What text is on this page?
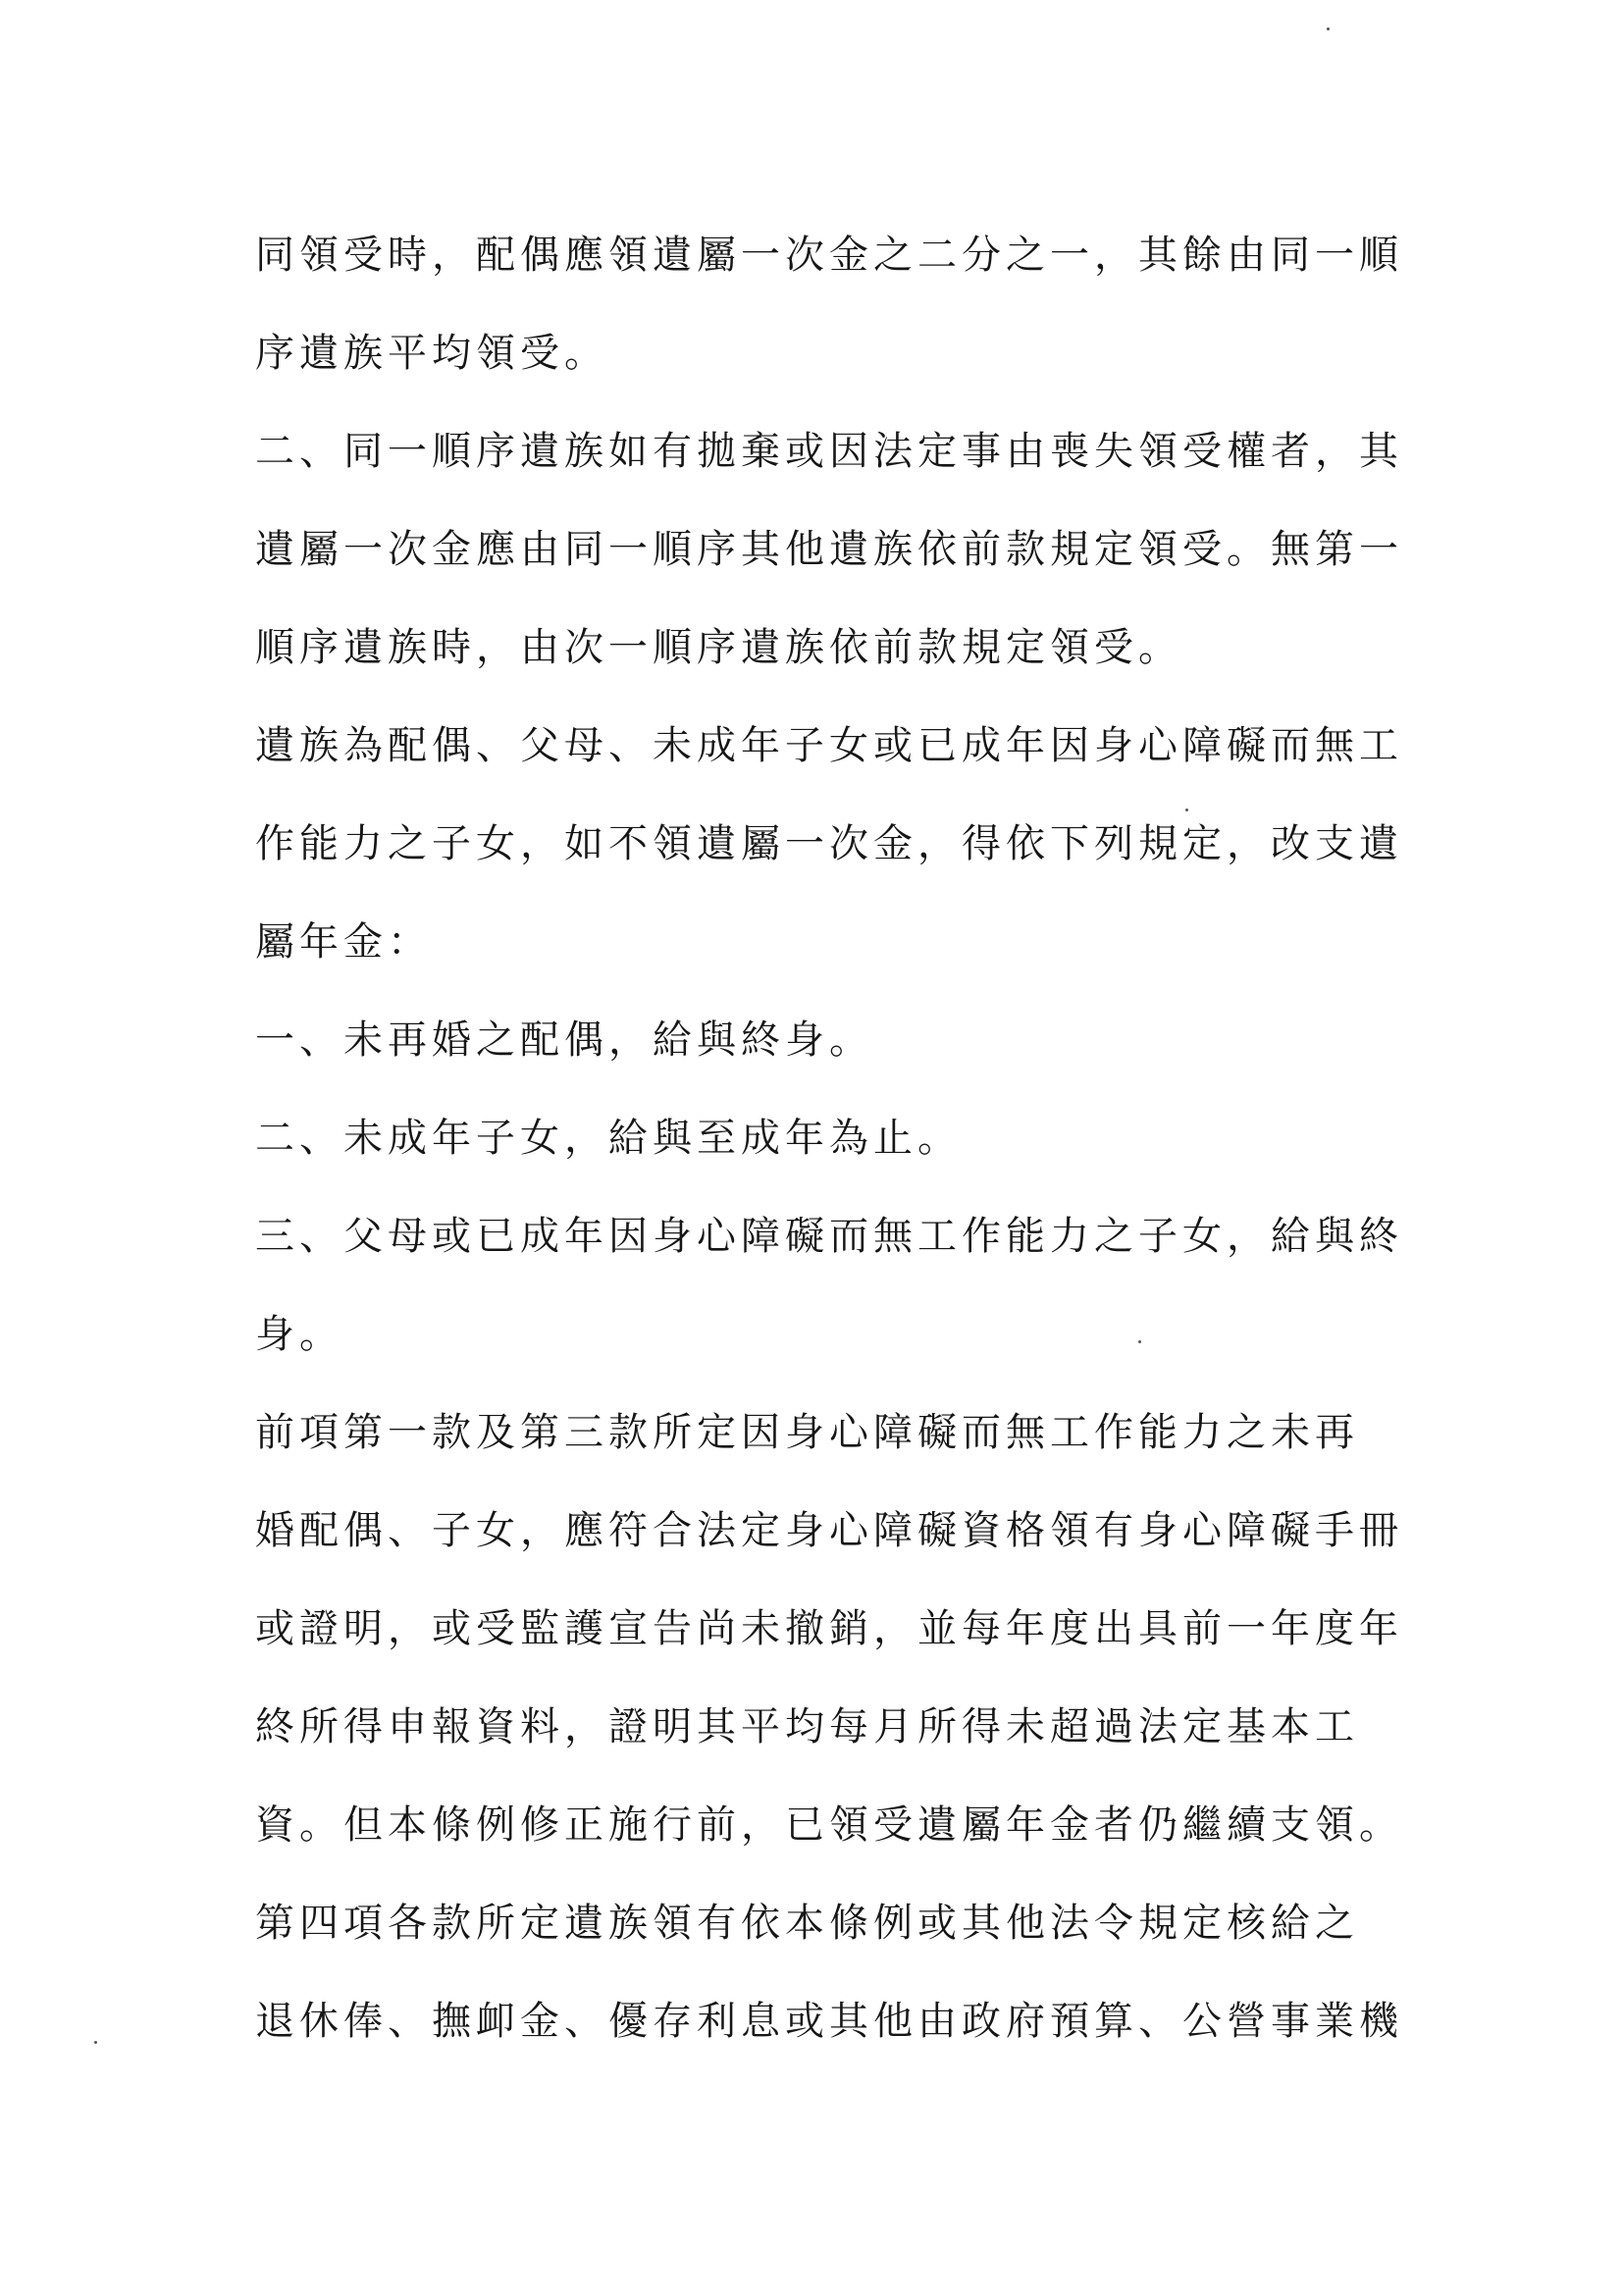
同領受時，配偶應領遺屬一次金之二分之一，其餘由同一順
序遺族平均領受。
二、同一順序遺族如有拋棄或因法定事由喪失領受權者，其
遺屬一次金應由同一順序其他遺族依前款規定領受。無第一
順序遺族時，由次一順序遺族依前款規定領受。
遺族為配偶、父母、未成年子女或已成年因身心障礙而無工
作能力之子女，如不領遺屬一次金，得依下列規定，改支遺
屬年金：
一、未再婚之配偶，給與終身。
二、未成年子女，給與至成年為止。
三、父母或已成年因身心障礙而無工作能力之子女，給與終
身。
前項第一款及第三款所定因身心障礙而無工作能力之未再
婚配偶、子女，應符合法定身心障礙資格領有身心障礙手冊
或證明，或受監護宣告尚未撤銷，並每年度出具前一年度年
終所得申報資料，證明其平均每月所得未超過法定基本工
資。但本條例修正施行前，已領受遺屬年金者仍繼續支領。
第四項各款所定遺族領有依本條例或其他法令規定核給之
退休俸、撫卹金、優存利息或其他由政府預算、公營事業機
